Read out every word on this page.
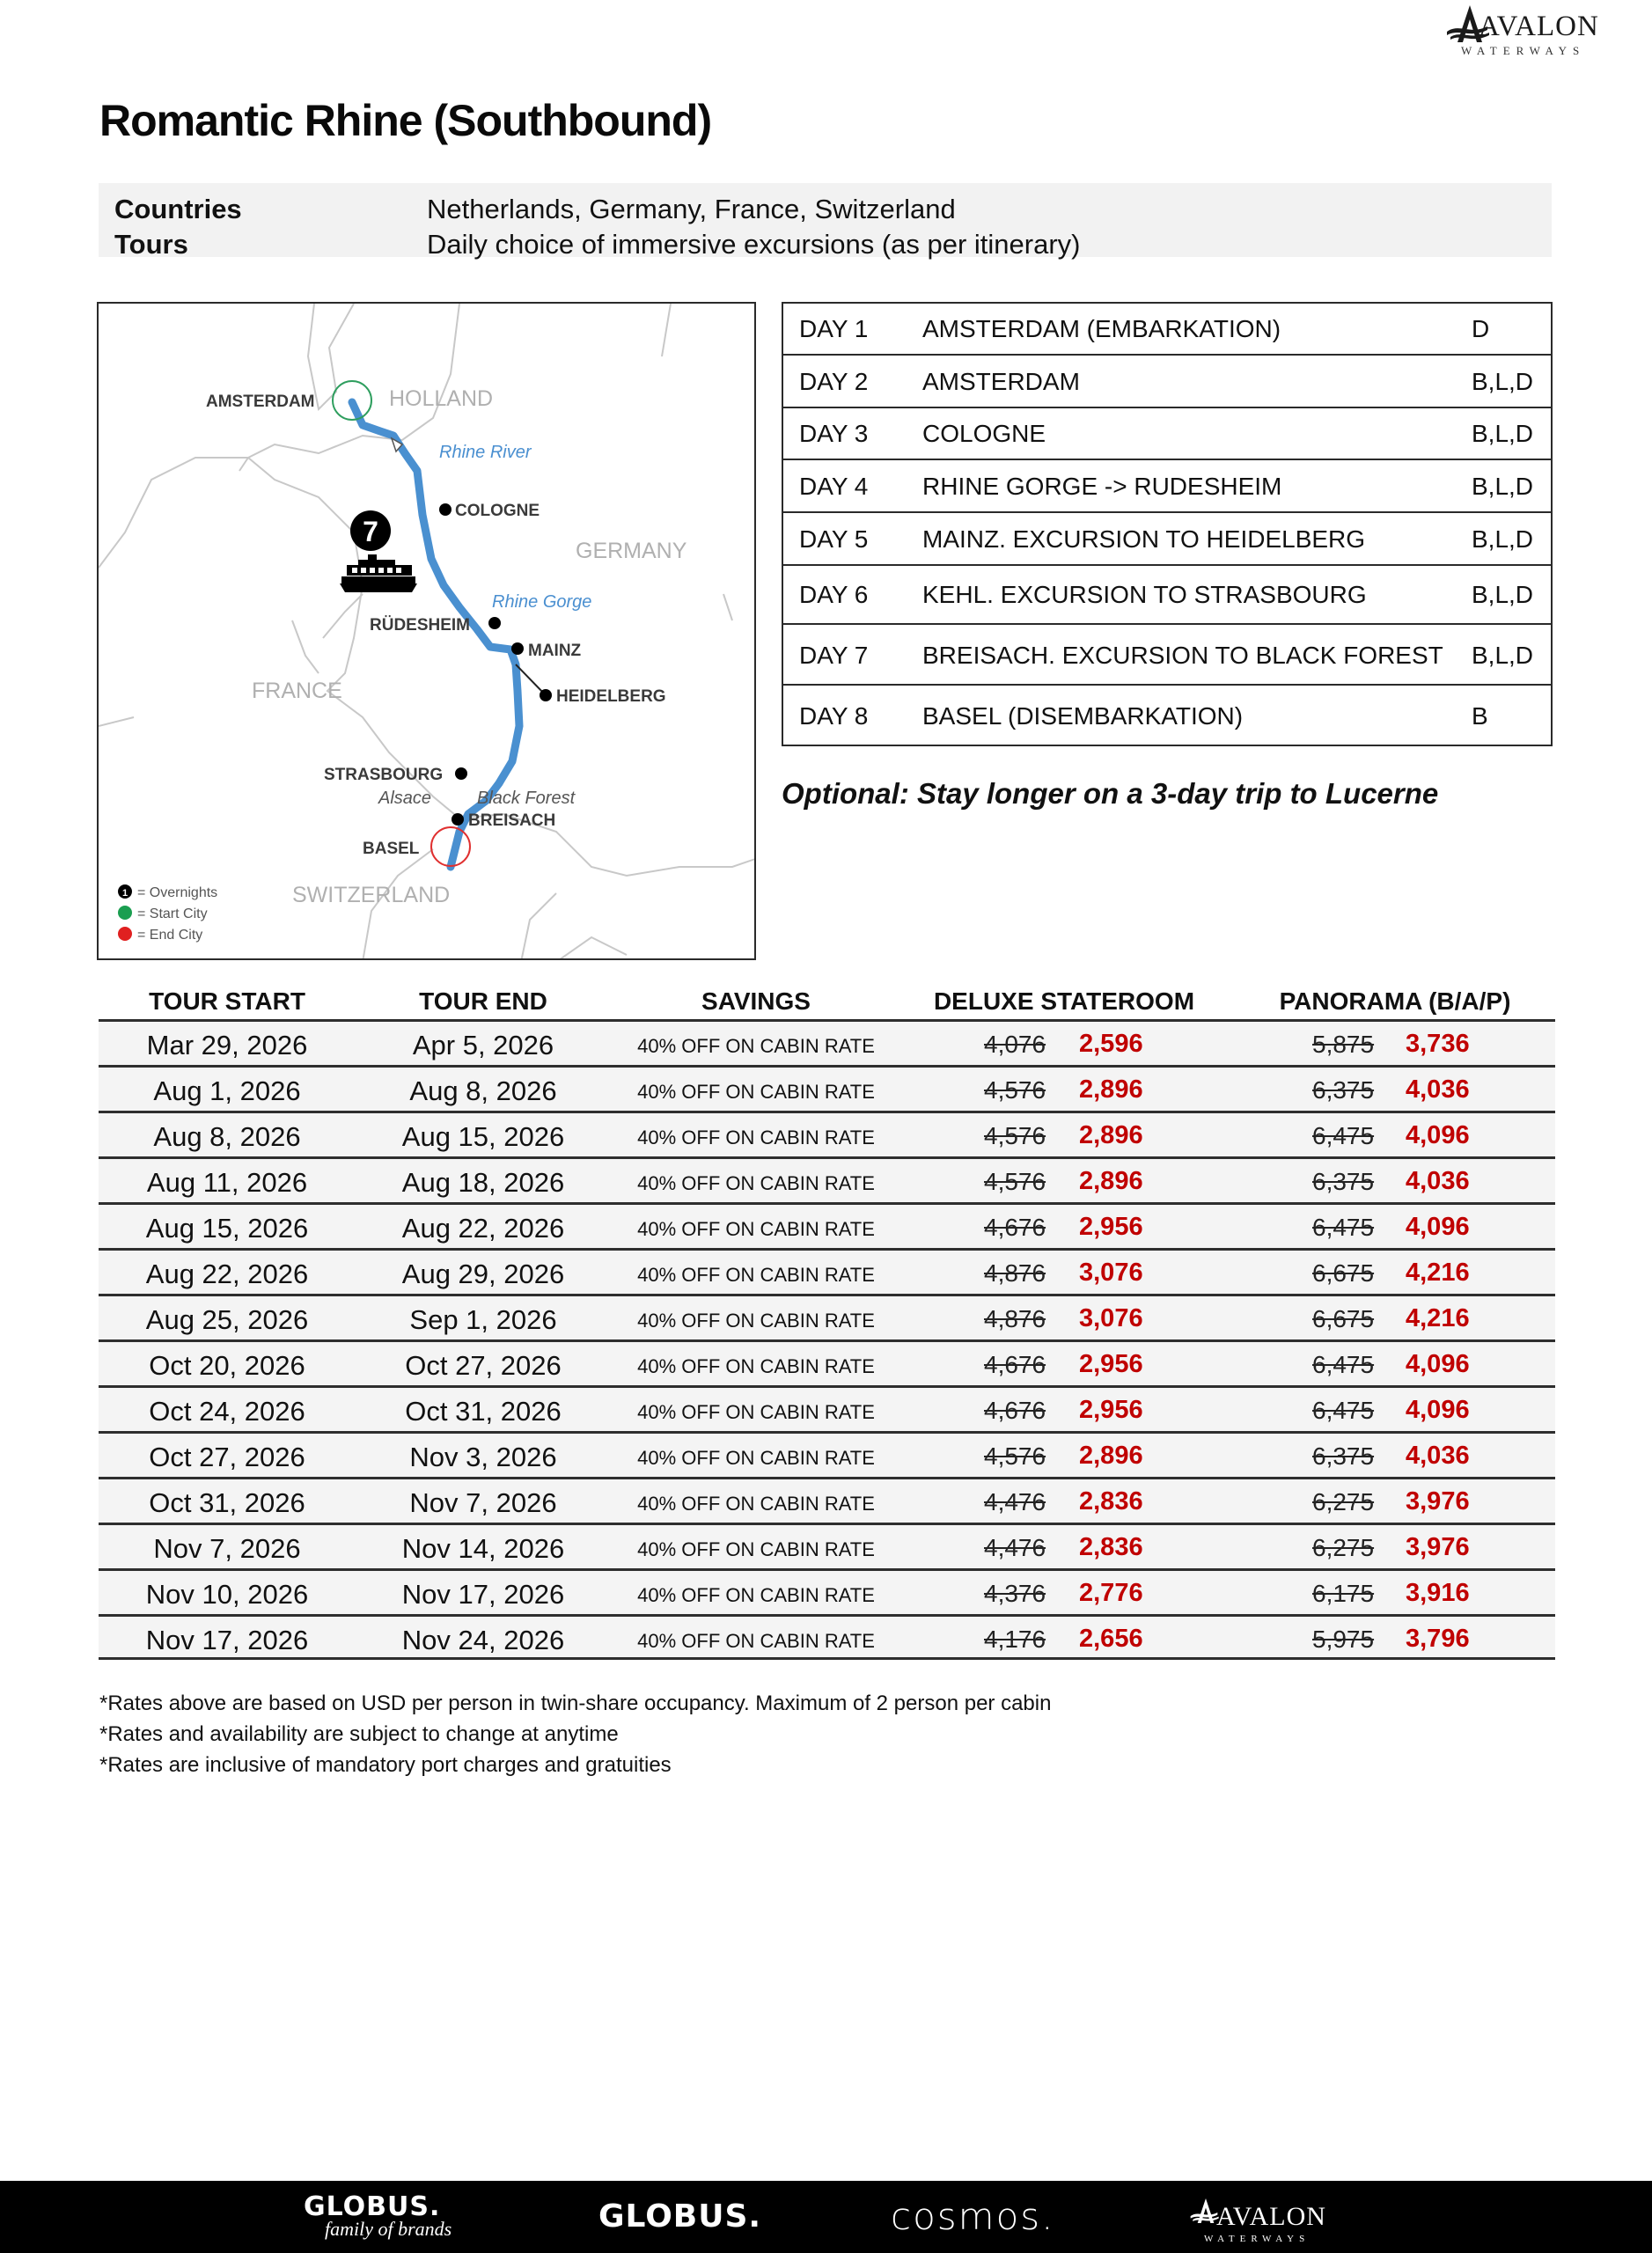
AVALON
WATERWAYS
Romantic Rhine (Southbound)
Countries	Netherlands, Germany, France, Switzerland
Tours	Daily choice of immersive excursions (as per itinerary)
HOLLAND
GERMANY
FRANCE
SWITZERLAND
AMSTERDAM
COLOGNE
RÜDESHEIM
MAINZ
HEIDELBERG
STRASBOURG
BREISACH
BASEL
Rhine River
Rhine Gorge
Alsace	Black Forest
7
1 = Overnights
= Start City
= End City
DAY 1 AMSTERDAM (EMBARKATION)	D
DAY 2 AMSTERDAM	B,L,D
DAY 3 COLOGNE	B,L,D
DAY 4 RHINE GORGE -> RUDESHEIM	B,L,D
DAY 5 MAINZ. EXCURSION TO HEIDELBERG	B,L,D
DAY 6 KEHL. EXCURSION TO STRASBOURG	B,L,D
DAY 7 BREISACH. EXCURSION TO BLACK FOREST B,L,D
DAY 8 BASEL (DISEMBARKATION)	B
Optional: Stay longer on a 3-day trip to Lucerne
TOUR START	TOUR END	SAVINGS	DELUXE STATEROOM	PANORAMA (B/A/P)
Mar 29, 2026	Apr 5, 2026	40% OFF ON CABIN RATE	4,076 2,596	5,875 3,736
Aug 1, 2026	Aug 8, 2026	40% OFF ON CABIN RATE	4,576 2,896	6,375 4,036
Aug 8, 2026	Aug 15, 2026	40% OFF ON CABIN RATE	4,576 2,896	6,475 4,096
Aug 11, 2026	Aug 18, 2026	40% OFF ON CABIN RATE	4,576 2,896	6,375 4,036
Aug 15, 2026	Aug 22, 2026	40% OFF ON CABIN RATE	4,676 2,956	6,475 4,096
Aug 22, 2026	Aug 29, 2026	40% OFF ON CABIN RATE	4,876 3,076	6,675 4,216
Aug 25, 2026	Sep 1, 2026	40% OFF ON CABIN RATE	4,876 3,076	6,675 4,216
Oct 20, 2026	Oct 27, 2026	40% OFF ON CABIN RATE	4,676 2,956	6,475 4,096
Oct 24, 2026	Oct 31, 2026	40% OFF ON CABIN RATE	4,676 2,956	6,475 4,096
Oct 27, 2026	Nov 3, 2026	40% OFF ON CABIN RATE	4,576 2,896	6,375 4,036
Oct 31, 2026	Nov 7, 2026	40% OFF ON CABIN RATE	4,476 2,836	6,275 3,976
Nov 7, 2026	Nov 14, 2026	40% OFF ON CABIN RATE	4,476 2,836	6,275 3,976
Nov 10, 2026	Nov 17, 2026	40% OFF ON CABIN RATE	4,376 2,776	6,175 3,916
Nov 17, 2026	Nov 24, 2026	40% OFF ON CABIN RATE	4,176 2,656	5,975 3,796
*Rates above are based on USD per person in twin-share occupancy. Maximum of 2 person per cabin
*Rates and availability are subject to change at anytime
*Rates are inclusive of mandatory port charges and gratuities
GLOBUS.
family of brands	GLOBUS.	cosmos.	AVALON
WATERWAYS
